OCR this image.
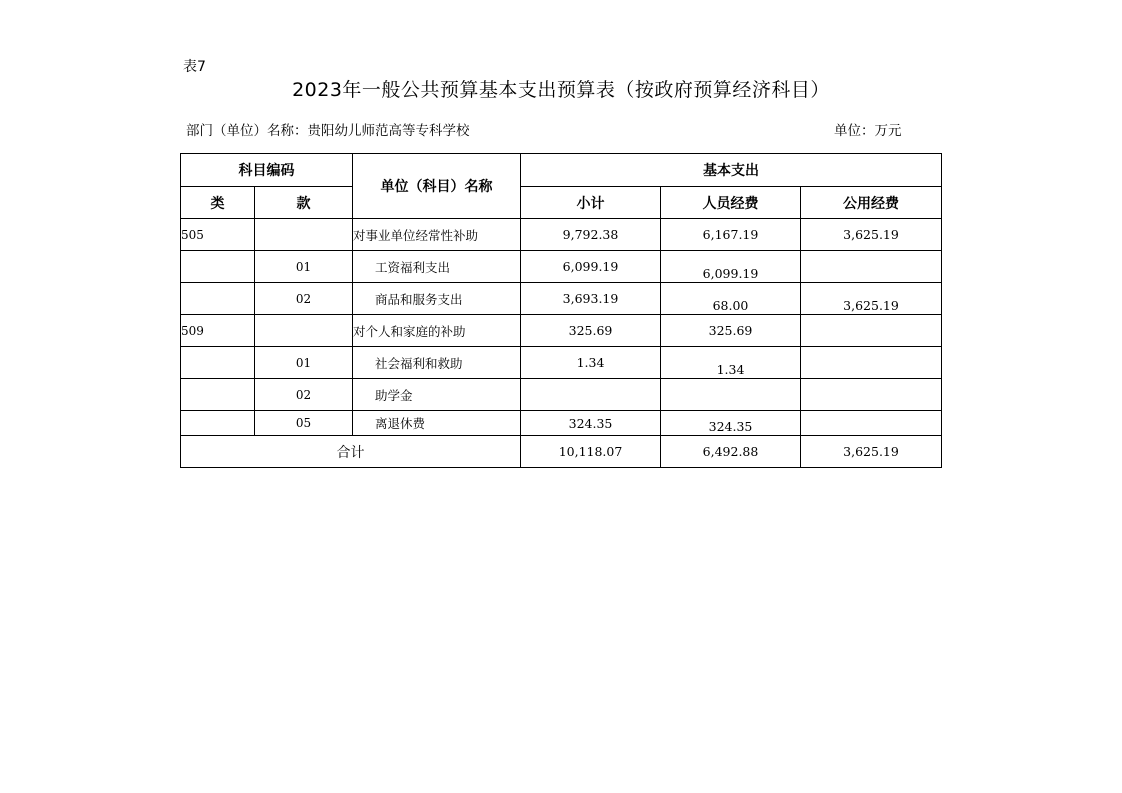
表7
2023年一般公共预算基本支出预算表（按政府预算经济科目）
部门（单位）名称：贵阳幼儿师范高等专科学校	单位：万元
科目编码		单位（科目）名称	基本支出		
类	款		小计	人员经费	公用经费
505		对事业单位经常性补助	9,792.38	6,167.19	3,625.19
	01	工资福利支出	6,099.19	6,099.19	
	02	商品和服务支出	3,693.19	68.00	3,625.19
509		对个人和家庭的补助	325.69	325.69	
	01	社会福利和救助	1.34	1.34	
	02	助学金			
	05	离退休费	324.35	324.35	
合计			10,118.07	6,492.88	3,625.19
